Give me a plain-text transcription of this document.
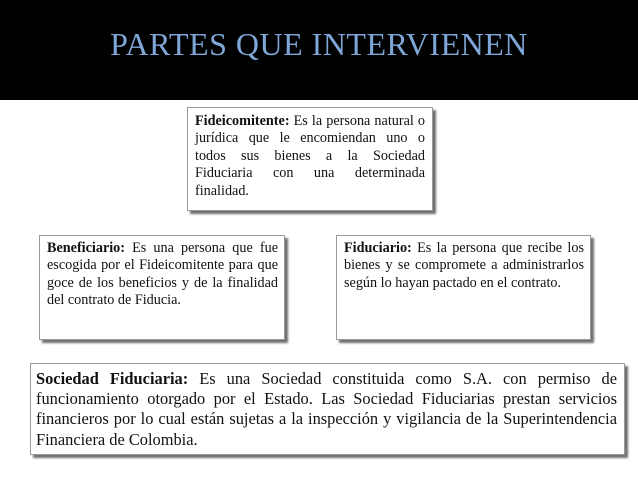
PARTES QUE INTERVIENEN
Fideicomitente: Es la persona natural o jurídica que le encomiendan uno o todos sus bienes a la Sociedad Fiduciaria con una determinada finalidad.
Beneficiario: Es una persona que fue escogida por el Fideicomitente para que goce de los beneficios y de la finalidad del contrato de Fiducia.
Fiduciario: Es la persona que recibe los bienes y se compromete a administrarlos según lo hayan pactado en el contrato.
Sociedad Fiduciaria: Es una Sociedad constituida como S.A. con permiso de funcionamiento otorgado por el Estado. Las Sociedad Fiduciarias prestan servicios financieros por lo cual están sujetas a la inspección y vigilancia de la Superintendencia Financiera de Colombia.
